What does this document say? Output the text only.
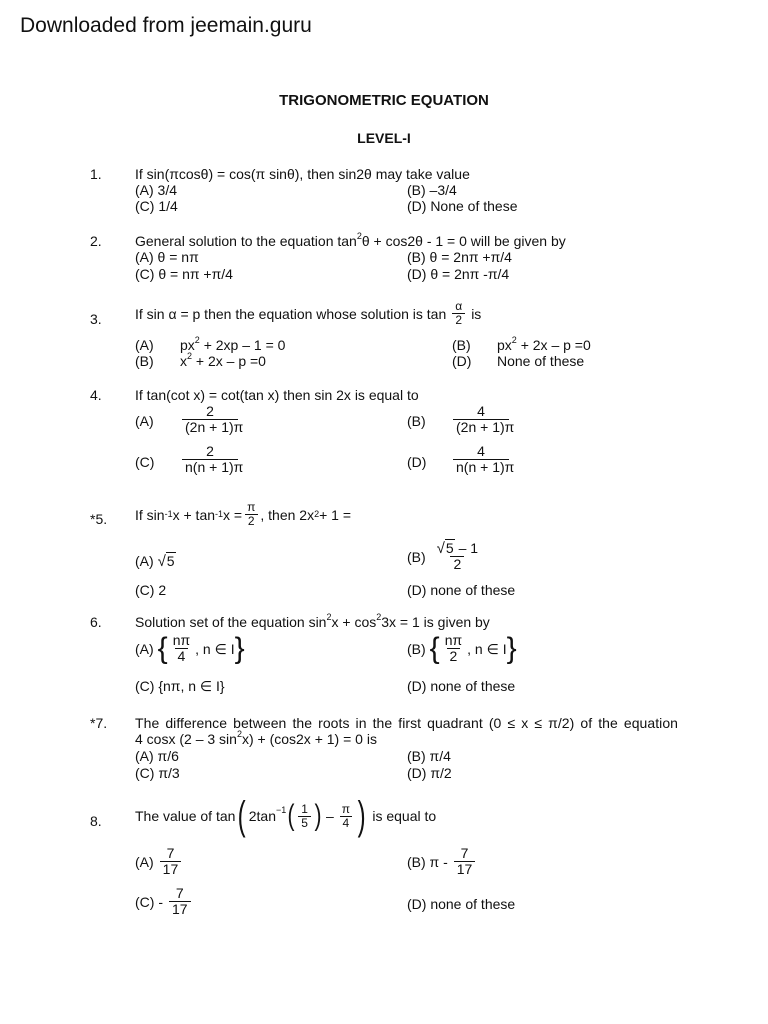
Downloaded from jeemain.guru
TRIGONOMETRIC EQUATION
LEVEL-I
1. If sin(πcosθ) = cos(π sinθ), then sin2θ may take value
(A) 3/4	(B) –3/4
(C) 1/4	(D) None of these
2. General solution to the equation $\tan^2\theta + \cos 2\theta - 1 = 0$ will be given by
(A) θ = nπ	(B) θ = 2nπ +π/4
(C) θ = nπ +π/4	(D) θ = 2nπ -π/4
3. If sin α = p then the equation whose solution is $\tan \frac{\alpha}{2}$ is
(A) $px^2 + 2xp - 1 = 0$	(B) $px^2 + 2x - p =0$
(B) $x^2 + 2x - p =0$	(D) None of these
4. If tan(cot x) = cot(tan x) then sin 2x is equal to
$(A) \frac{2}{(2n + 1)\pi}$	$(B) \frac{4}{(2n + 1)\pi}$
$(C) \frac{2}{n(n + 1)\pi}$	$(D) \frac{4}{n(n + 1)\pi}$
*5. If $\sin^{-1} x + \tan^{-1} x = \frac{\pi}{2}$ , then $2x^2 + 1$ =
(A) √5	$(B) \frac{√5 - 1}{2}$
(C) 2	(D) none of these
6. Solution set of the equation $\sin^2x + \cos^23x = 1$ is given by
(A) { $\frac{n\pi}{4}$ , n ∈ I }	(B) { $\frac{n\pi}{2}$ , n ∈ I }
(C) {nπ, n ∈ I}	(D) none of these
*7. The difference between the roots in the first quadrant (0 ≤ x ≤ π/2) of the equation
4 cosx (2 – 3 $\sin^2x) + (\cos 2x + 1) = 0$ is
(A) π/6	(B) π/4
(C) π/3	(D) π/2
8. The value of tan ( $2\tan^{-1}$ ( $\frac{1}{5}$ ) – $\frac{\pi}{4}$ ) is equal to
$(A) \frac{7}{17}$	(B) π - $\frac{7}{17}$
$(C) - \frac{7}{17}$	(D) none of these
